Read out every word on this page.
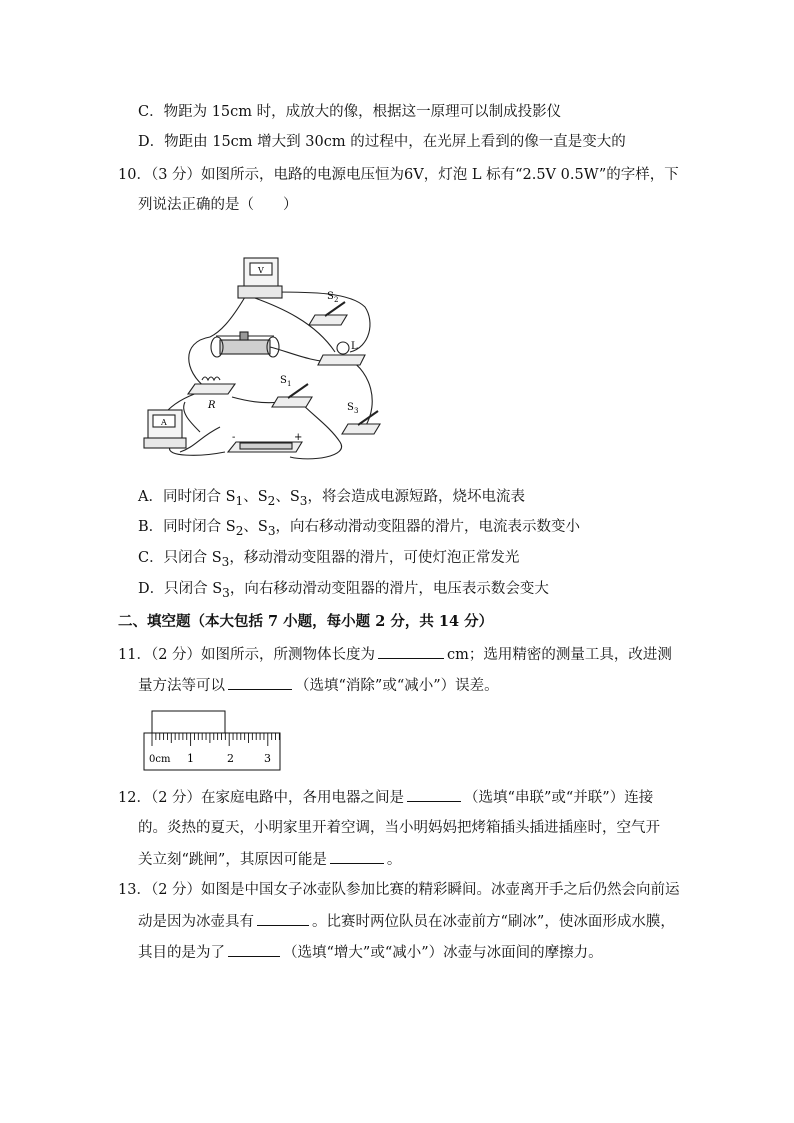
C．物距为 15cm 时，成放大的像，根据这一原理可以制成投影仪
D．物距由 15cm 增大到 30cm 的过程中，在光屏上看到的像一直是变大的
10．（3 分）如图所示，电路的电源电压恒为6V，灯泡 L 标有“2.5V 0.5W”的字样，下
列说法正确的是（　　）
V
A
S 2
L
S 1
R	S 3
-	+
A．同时闭合 $S_1$、$S_2$、$S_3$，将会造成电源短路，烧坏电流表
B．同时闭合 $S_2$、$S_3$，向右移动滑动变阻器的滑片，电流表示数变小
C．只闭合 $S_3$，移动滑动变阻器的滑片，可使灯泡正常发光
D．只闭合 $S_3$，向右移动滑动变阻器的滑片，电压表示数会变大
二、填空题（本大包括 7 小题，每小题 2 分，共 14 分）
11．（2 分）如图所示，所测物体长度为	cm；选用精密的测量工具，改进测
量方法等可以	（选填“消除”或“减小”）误差。
0cm 1	2	3
12．（2 分）在家庭电路中，各用电器之间是	（选填“串联”或“并联”）连接
的。炎热的夏天，小明家里开着空调，当小明妈妈把烤箱插头插进插座时，空气开
关立刻“跳闸”，其原因可能是	。
13．（2 分）如图是中国女子冰壶队参加比赛的精彩瞬间。冰壶离开手之后仍然会向前运
动是因为冰壶具有	。比赛时两位队员在冰壶前方“刷冰”，使冰面形成水膜，
其目的是为了	（选填“增大”或“减小”）冰壶与冰面间的摩擦力。
